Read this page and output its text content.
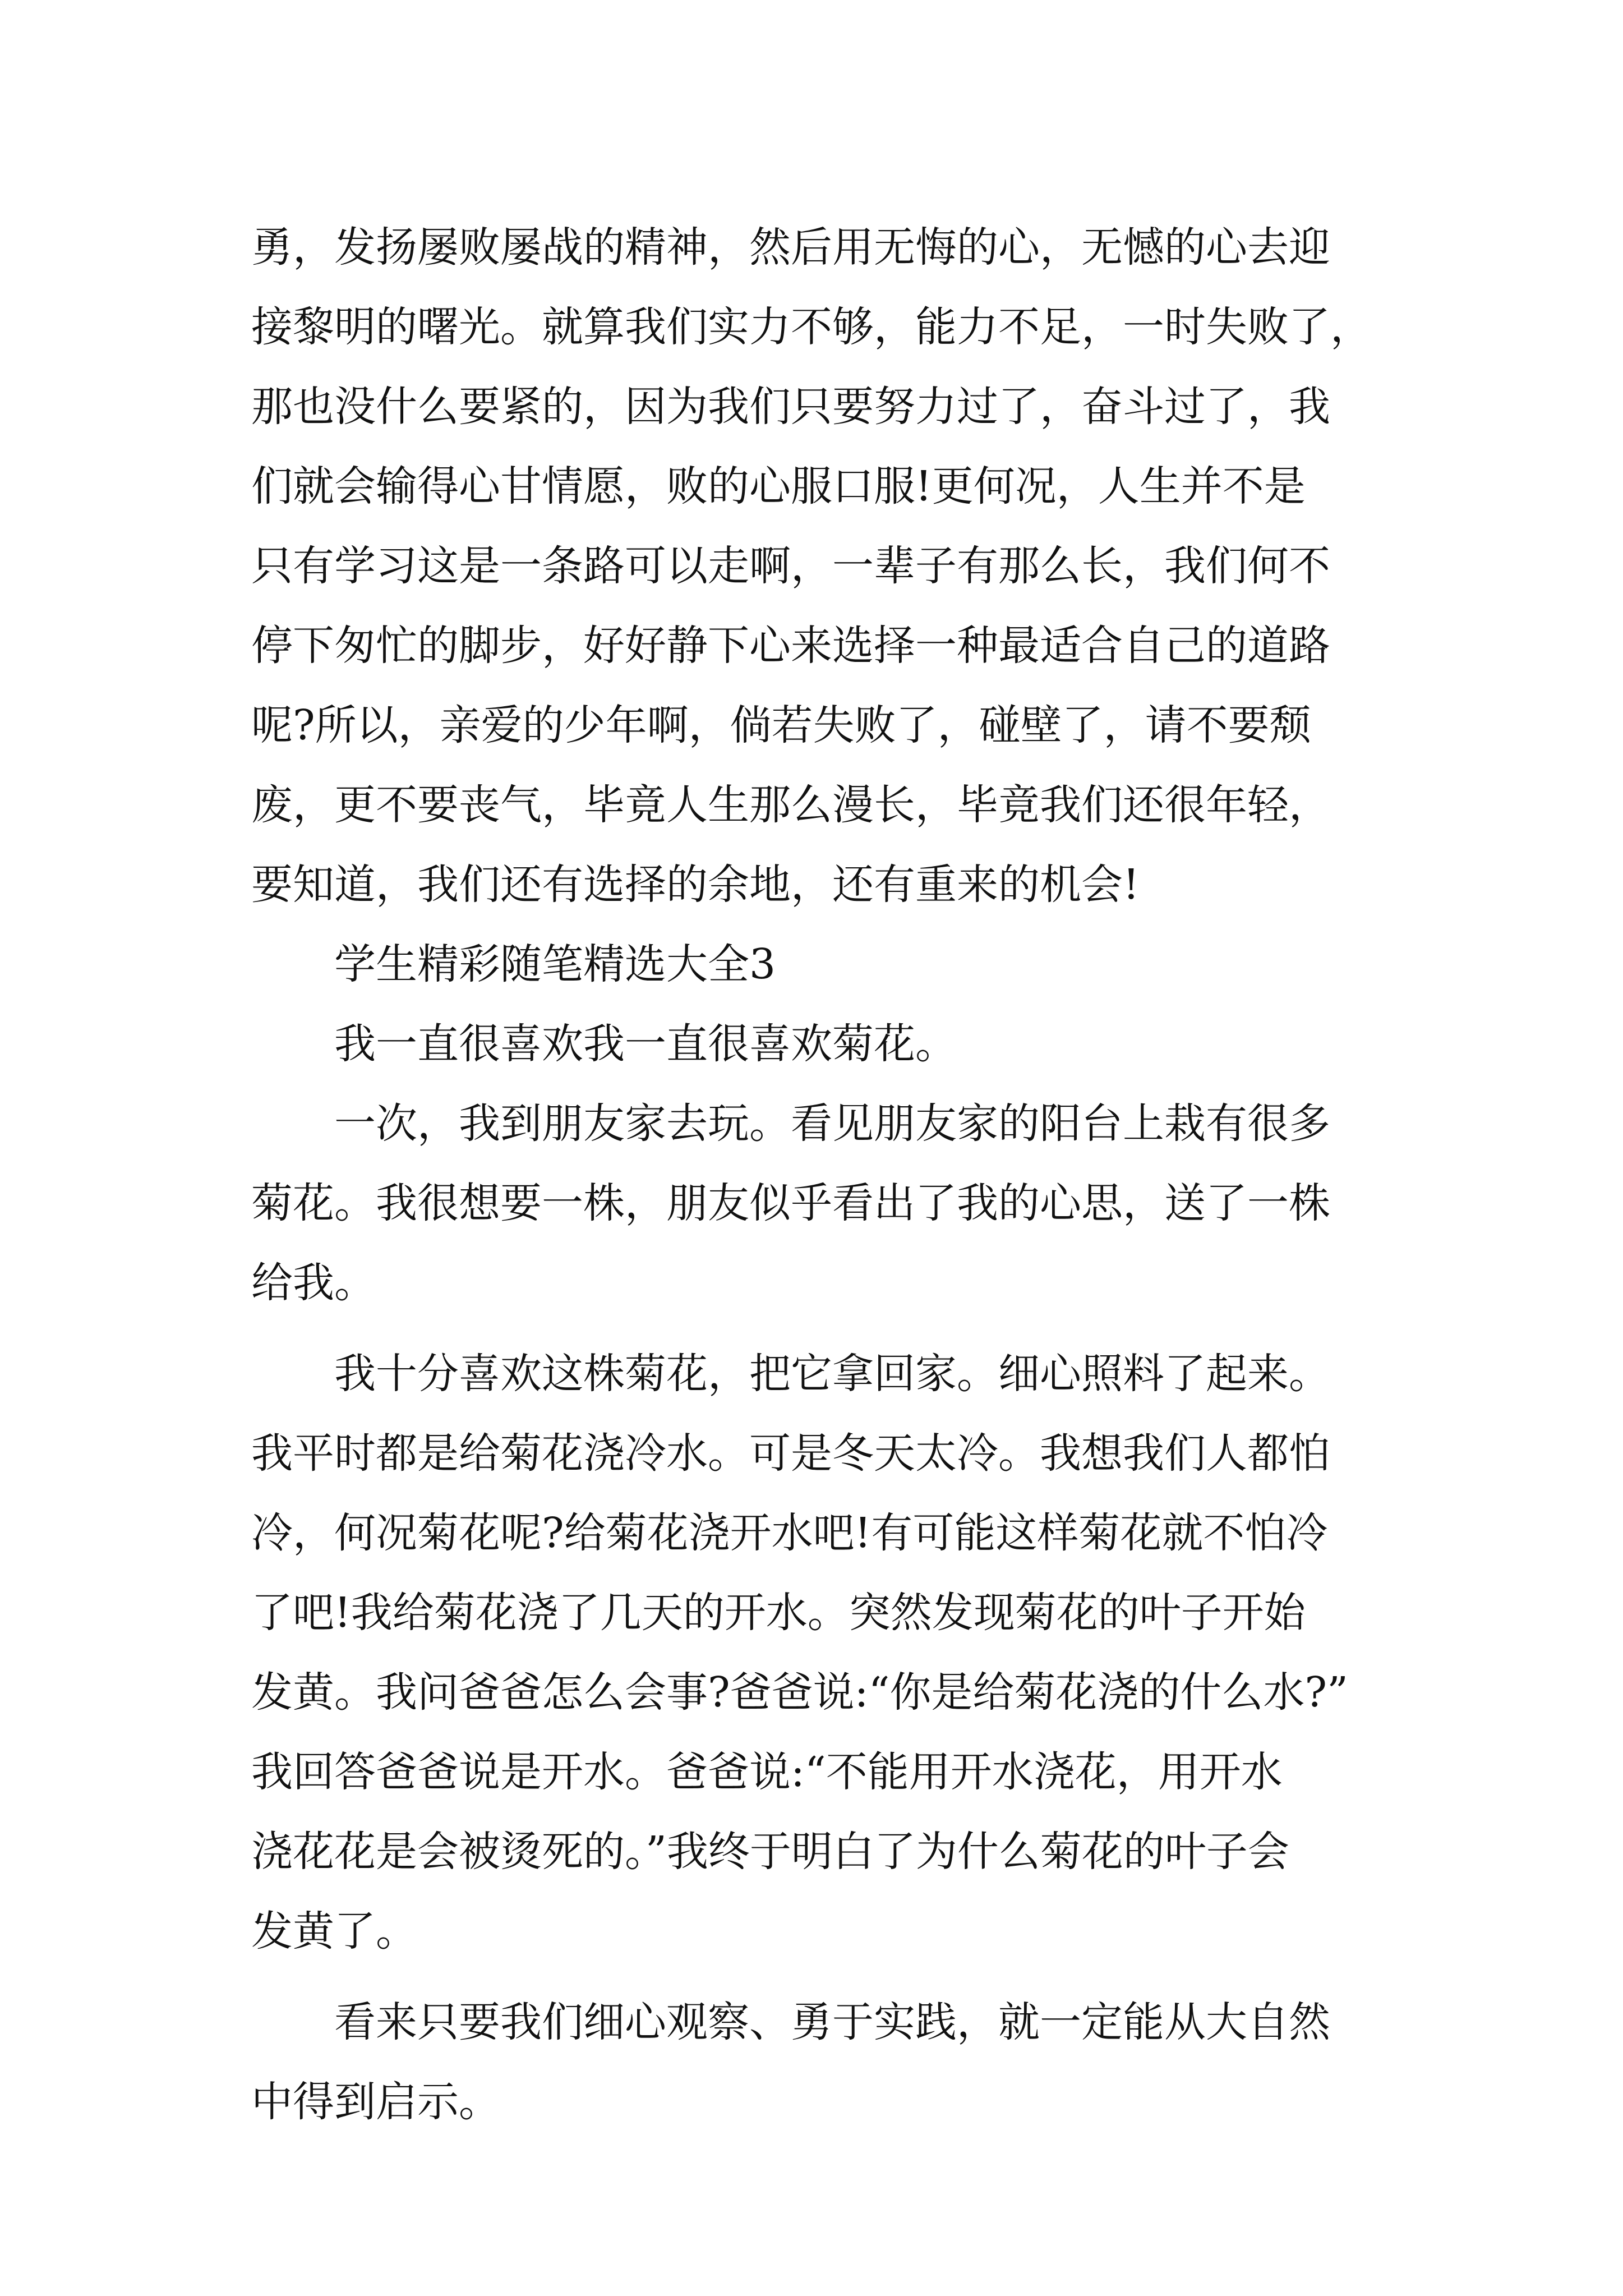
勇，发扬屡败屡战的精神，然后用无悔的心，无憾的心去迎
接黎明的曙光。就算我们实力不够，能力不足，一时失败了，
那也没什么要紧的，因为我们只要努力过了，奋斗过了，我
们就会输得心甘情愿，败的心服口服!更何况，人生并不是
只有学习这是一条路可以走啊，一辈子有那么长，我们何不
停下匆忙的脚步，好好静下心来选择一种最适合自己的道路
呢?所以，亲爱的少年啊，倘若失败了，碰壁了，请不要颓
废，更不要丧气，毕竟人生那么漫长，毕竟我们还很年轻，
要知道，我们还有选择的余地，还有重来的机会!
学生精彩随笔精选大全3
我一直很喜欢我一直很喜欢菊花。
一次，我到朋友家去玩。看见朋友家的阳台上栽有很多
菊花。我很想要一株，朋友似乎看出了我的心思，送了一株
给我。
我十分喜欢这株菊花，把它拿回家。细心照料了起来。
我平时都是给菊花浇冷水。可是冬天太冷。我想我们人都怕
冷，何况菊花呢?给菊花浇开水吧!有可能这样菊花就不怕冷
了吧!我给菊花浇了几天的开水。突然发现菊花的叶子开始
发黄。我问爸爸怎么会事?爸爸说:“你是给菊花浇的什么水?”
我回答爸爸说是开水。爸爸说:“不能用开水浇花，用开水
浇花花是会被烫死的。”我终于明白了为什么菊花的叶子会
发黄了。
看来只要我们细心观察、勇于实践，就一定能从大自然
中得到启示。
